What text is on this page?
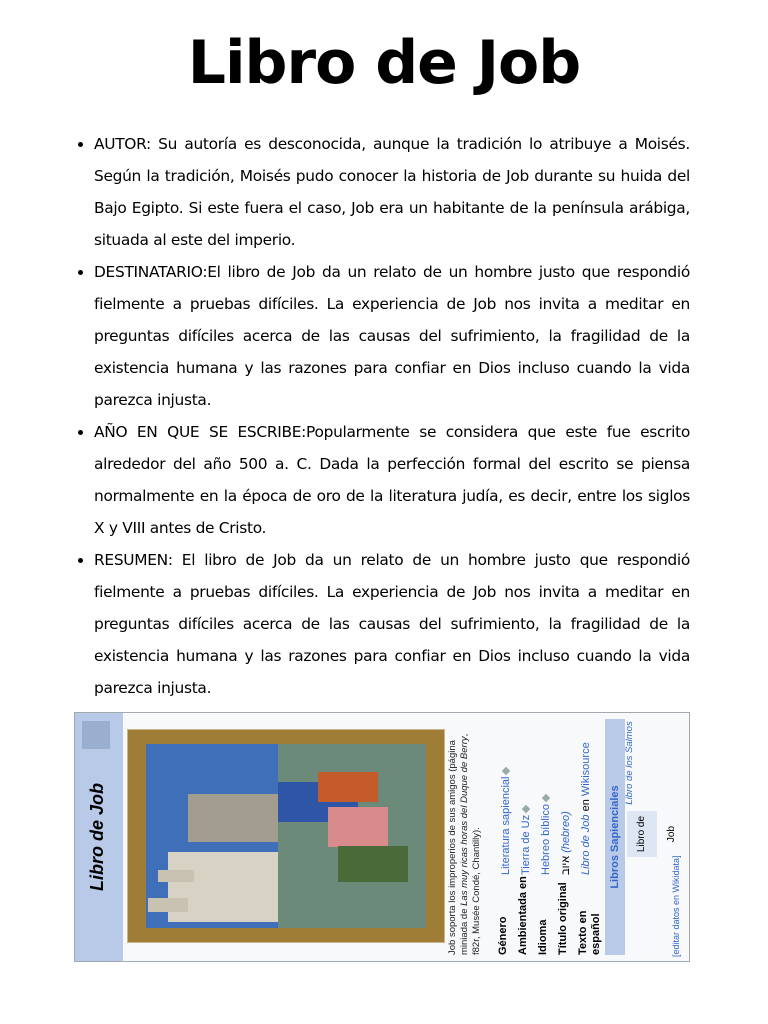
Libro de Job
• AUTOR: Su autoría es desconocida, aunque la tradición lo atribuye a Moisés. Según la tradición, Moisés pudo conocer la historia de Job durante su huida del Bajo Egipto. Si este fuera el caso, Job era un habitante de la península arábiga, situada al este del imperio.
• DESTINATARIO:El libro de Job da un relato de un hombre justo que respondió fielmente a pruebas difíciles. La experiencia de Job nos invita a meditar en preguntas difíciles acerca de las causas del sufrimiento, la fragilidad de la existencia humana y las razones para confiar en Dios incluso cuando la vida parezca injusta.
• AÑO EN QUE SE ESCRIBE:Popularmente se considera que este fue escrito alrededor del año 500 a. C. Dada la perfección formal del escrito se piensa normalmente en la época de oro de la literatura judía, es decir, entre los siglos X y VIII antes de Cristo.
• RESUMEN: El libro de Job da un relato de un hombre justo que respondió fielmente a pruebas difíciles. La experiencia de Job nos invita a meditar en preguntas difíciles acerca de las causas del sufrimiento, la fragilidad de la existencia humana y las razones para confiar en Dios incluso cuando la vida parezca injusta.
Libro de Job	Job soporta los improperios de sus amigos (página miniada de Las muy ricas horas del Duque de Berry, f82r, Musée Condé, Chantilly). Género
Literatura sapiencial
Ambientada en
Tierra de Uz
Idioma
Hebreo bíblico
Título original
איוב (hebreo)
Texto en español
Libro de Job en Wikisource
Libros Sapienciales	Libro de Job
Libro de los Salmos
[editar datos en Wikidata]
